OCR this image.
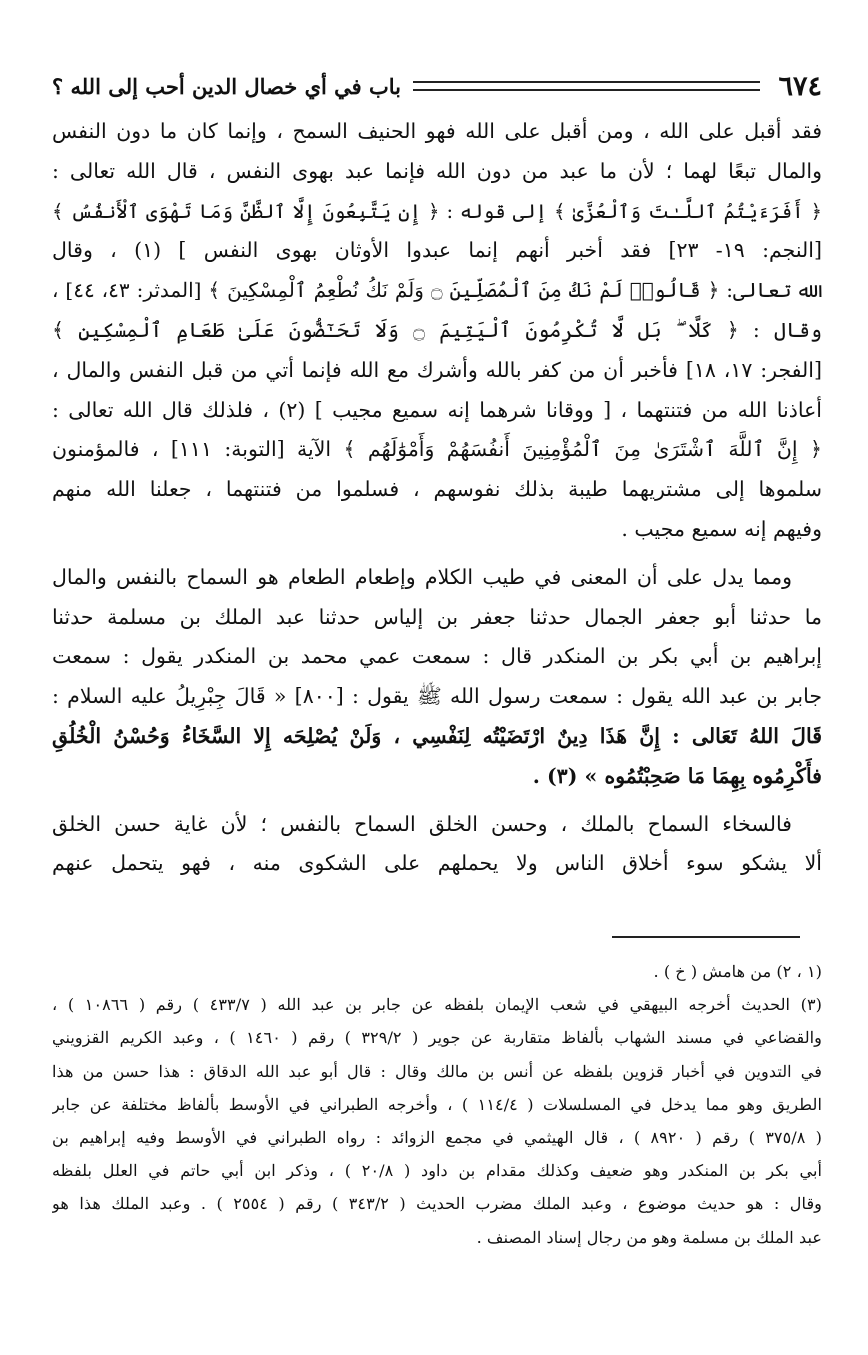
٦٧٤
باب في أي خصال الدين أحب إلى الله ؟
فقد أقبل على الله ، ومن أقبل على الله فهو الحنيف السمح ، وإنما كان ما دون النفس
والمال تبعًا لهما ؛ لأن ما عبد من دون الله فإنما عبد بهوى النفس ، قال الله تعالى :
﴿ أَفَرَءَيْتُمُ ٱللَّـٰتَ وَٱلْعُزَّىٰ ﴾ إلى قوله : ﴿ إِن يَتَّبِعُونَ إِلَّا ٱلظَّنَّ وَمَا تَهْوَى ٱلْأَنفُسُ ﴾
[النجم: ١٩- ٢٣] فقد أخبر أنهم إنما عبدوا الأوثان بهوى النفس ] (١) ، وقال
الله تعالى: ﴿ قَالُوا۟ لَمْ نَكُ مِنَ ٱلْمُصَلِّينَ ۝ وَلَمْ نَكُ نُطْعِمُ ٱلْمِسْكِينَ ﴾ [المدثر: ٤٣، ٤٤] ،
وقال : ﴿ كَلَّا ۖ بَل لَّا تُكْرِمُونَ ٱلْيَتِيمَ ۝ وَلَا تَحَـٰٓضُّونَ عَلَىٰ طَعَامِ ٱلْمِسْكِينِ ﴾
[الفجر: ١٧، ١٨] فأخبر أن من كفر بالله وأشرك مع الله فإنما أتي من قبل النفس والمال ،
أعاذنا الله من فتنتهما ، [ ووقانا شرهما إنه سميع مجيب ] (٢) ، فلذلك قال الله تعالى :
﴿ إِنَّ ٱللَّهَ ٱشْتَرَىٰ مِنَ ٱلْمُؤْمِنِينَ أَنفُسَهُمْ وَأَمْوَٰلَهُم ﴾ الآية [التوبة: ١١١] ، فالمؤمنون
سلموها إلى مشتريهما طيبة بذلك نفوسهم ، فسلموا من فتنتهما ، جعلنا الله منهم
وفيهم إنه سميع مجيب .
ومما يدل على أن المعنى في طيب الكلام وإطعام الطعام هو السماح بالنفس والمال
ما حدثنا أبو جعفر الجمال حدثنا جعفر بن إلياس حدثنا عبد الملك بن مسلمة حدثنا
إبراهيم بن أبي بكر بن المنكدر قال : سمعت عمي محمد بن المنكدر يقول : سمعت
جابر بن عبد الله يقول : سمعت رسول الله ﷺ يقول : [٨٠٠] « قَالَ جِبْرِيلُ عليه السلام :
قَالَ اللهُ تَعَالى : إِنَّ هَذَا دِينٌ ارْتَضَيْتُه لِنَفْسِي ، وَلَنْ يُصْلِحَه إِلا السَّخَاءُ وَحُسْنُ الْخُلُقِ
فأَكْرِمُوه بِهِمَا مَا صَحِبْتُمُوه » (٣) .
فالسخاء السماح بالملك ، وحسن الخلق السماح بالنفس ؛ لأن غاية حسن الخلق
ألا يشكو سوء أخلاق الناس ولا يحملهم على الشكوى منه ، فهو يتحمل عنهم
(١ ، ٢) من هامش ( خ ) .
(٣) الحديث أخرجه البيهقي في شعب الإيمان بلفظه عن جابر بن عبد الله ( ٤٣٣/٧ ) رقم ( ١٠٨٦٦ ) ،
والقضاعي في مسند الشهاب بألفاظ متقاربة عن جوير ( ٣٢٩/٢ ) رقم ( ١٤٦٠ ) ، وعبد الكريم القزويني
في التدوين في أخبار قزوين بلفظه عن أنس بن مالك وقال : قال أبو عبد الله الدقاق : هذا حسن من هذا
الطريق وهو مما يدخل في المسلسلات ( ١١٤/٤ ) ، وأخرجه الطبراني في الأوسط بألفاظ مختلفة عن جابر
( ٣٧٥/٨ ) رقم ( ٨٩٢٠ ) ، قال الهيثمي في مجمع الزوائد : رواه الطبراني في الأوسط وفيه إبراهيم بن
أبي بكر بن المنكدر وهو ضعيف وكذلك مقدام بن داود ( ٢٠/٨ ) ، وذكر ابن أبي حاتم في العلل بلفظه
وقال : هو حديث موضوع ، وعبد الملك مضرب الحديث ( ٣٤٣/٢ ) رقم ( ٢٥٥٤ ) . وعبد الملك هذا هو
عبد الملك بن مسلمة وهو من رجال إسناد المصنف .
